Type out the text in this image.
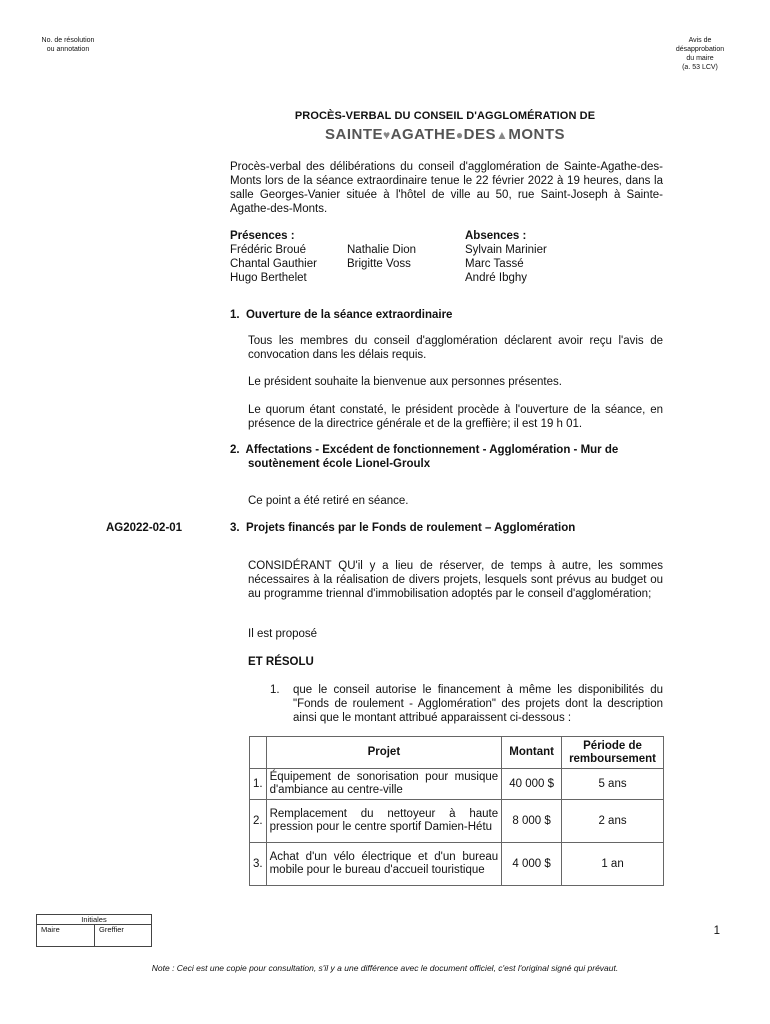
No. de résolution
ou annotation
Avis de
désapprobation
du maire
(a. 53 LCV)
PROCÈS-VERBAL DU CONSEIL D'AGGLOMÉRATION DE
SAINTE♥AGATHE●DES▲MONTS
Procès-verbal des délibérations du conseil d'agglomération de Sainte-Agathe-des-Monts lors de la séance extraordinaire tenue le 22 février 2022 à 19 heures, dans la salle Georges-Vanier située à l'hôtel de ville au 50, rue Saint-Joseph à Sainte-Agathe-des-Monts.
Présences :
Frédéric Broué
Chantal Gauthier
Hugo Berthelet
Nathalie Dion
Brigitte Voss
Absences :
Sylvain Marinier
Marc Tassé
André Ibghy
1.  Ouverture de la séance extraordinaire
Tous les membres du conseil d'agglomération déclarent avoir reçu l'avis de convocation dans les délais requis.
Le président souhaite la bienvenue aux personnes présentes.
Le quorum étant constaté, le président procède à l'ouverture de la séance, en présence de la directrice générale et de la greffière; il est 19 h 01.
2.  Affectations - Excédent de fonctionnement - Agglomération - Mur de
soutènement école Lionel-Groulx
Ce point a été retiré en séance.
AG2022-02-01	3.  Projets financés par le Fonds de roulement – Agglomération
CONSIDÉRANT QU'il y a lieu de réserver, de temps à autre, les sommes nécessaires à la réalisation de divers projets, lesquels sont prévus au budget ou au programme triennal d'immobilisation adoptés par le conseil d'agglomération;
Il est proposé
ET RÉSOLU
1.	que le conseil autorise le financement à même les disponibilités du "Fonds de roulement - Agglomération" des projets dont la description ainsi que le montant attribué apparaissent ci-dessous :
	Projet	Montant	Période de
remboursement

1.	Équipement de sonorisation pour musique d'ambiance au centre-ville	40 000 $	5 ans
2.	Remplacement du nettoyeur à haute pression pour le centre sportif Damien-Hétu	8 000 $	2 ans
3.	Achat d'un vélo électrique et d'un bureau mobile pour le bureau d'accueil touristique	4 000 $	1 an
Initiales
Maire	Greffier	1
Note : Ceci est une copie pour consultation, s'il y a une différence avec le document officiel, c'est l'original signé qui prévaut.
